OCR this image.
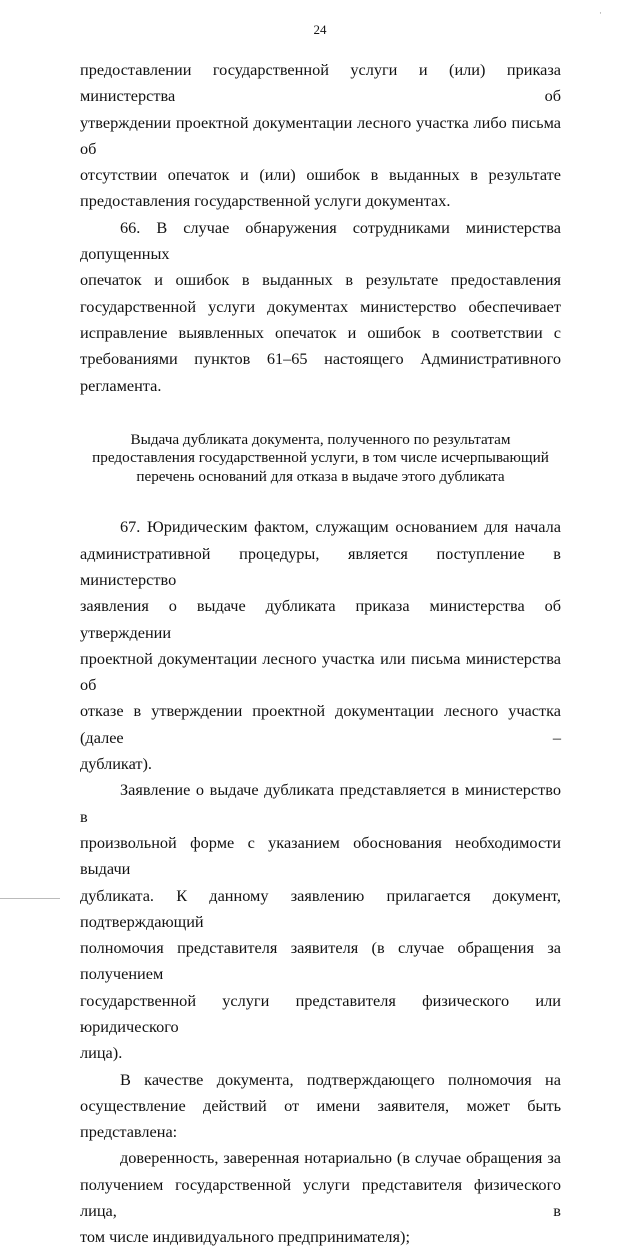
·
24

предоставлении государственной услуги и (или) приказа министерства об

утверждении проектной документации лесного участка либо письма об

отсутствии опечаток и (или) ошибок в выданных в результате

предоставления государственной услуги документах.

66. В случае обнаружения сотрудниками министерства допущенных

опечаток и ошибок в выданных в результате предоставления

государственной услуги документах министерство обеспечивает

исправление выявленных опечаток и ошибок в соответствии с

требованиями пунктов 61–65 настоящего Административного регламента.

Выдача дубликата документа, полученного по результатам

предоставления государственной услуги, в том числе исчерпывающий

перечень оснований для отказа в выдаче этого дубликата

67. Юридическим фактом, служащим основанием для начала

административной процедуры, является поступление в министерство

заявления о выдаче дубликата приказа министерства об утверждении

проектной документации лесного участка или письма министерства об

отказе в утверждении проектной документации лесного участка (далее –

дубликат).

Заявление о выдаче дубликата представляется в министерство в

произвольной форме с указанием обоснования необходимости выдачи

дубликата. К данному заявлению прилагается документ, подтверждающий

полномочия представителя заявителя (в случае обращения за получением

государственной услуги представителя физического или юридического

лица).

В качестве документа, подтверждающего полномочия на

осуществление действий от имени заявителя, может быть представлена:

доверенность, заверенная нотариально (в случае обращения за

получением государственной услуги представителя физического лица, в

том числе индивидуального предпринимателя);
